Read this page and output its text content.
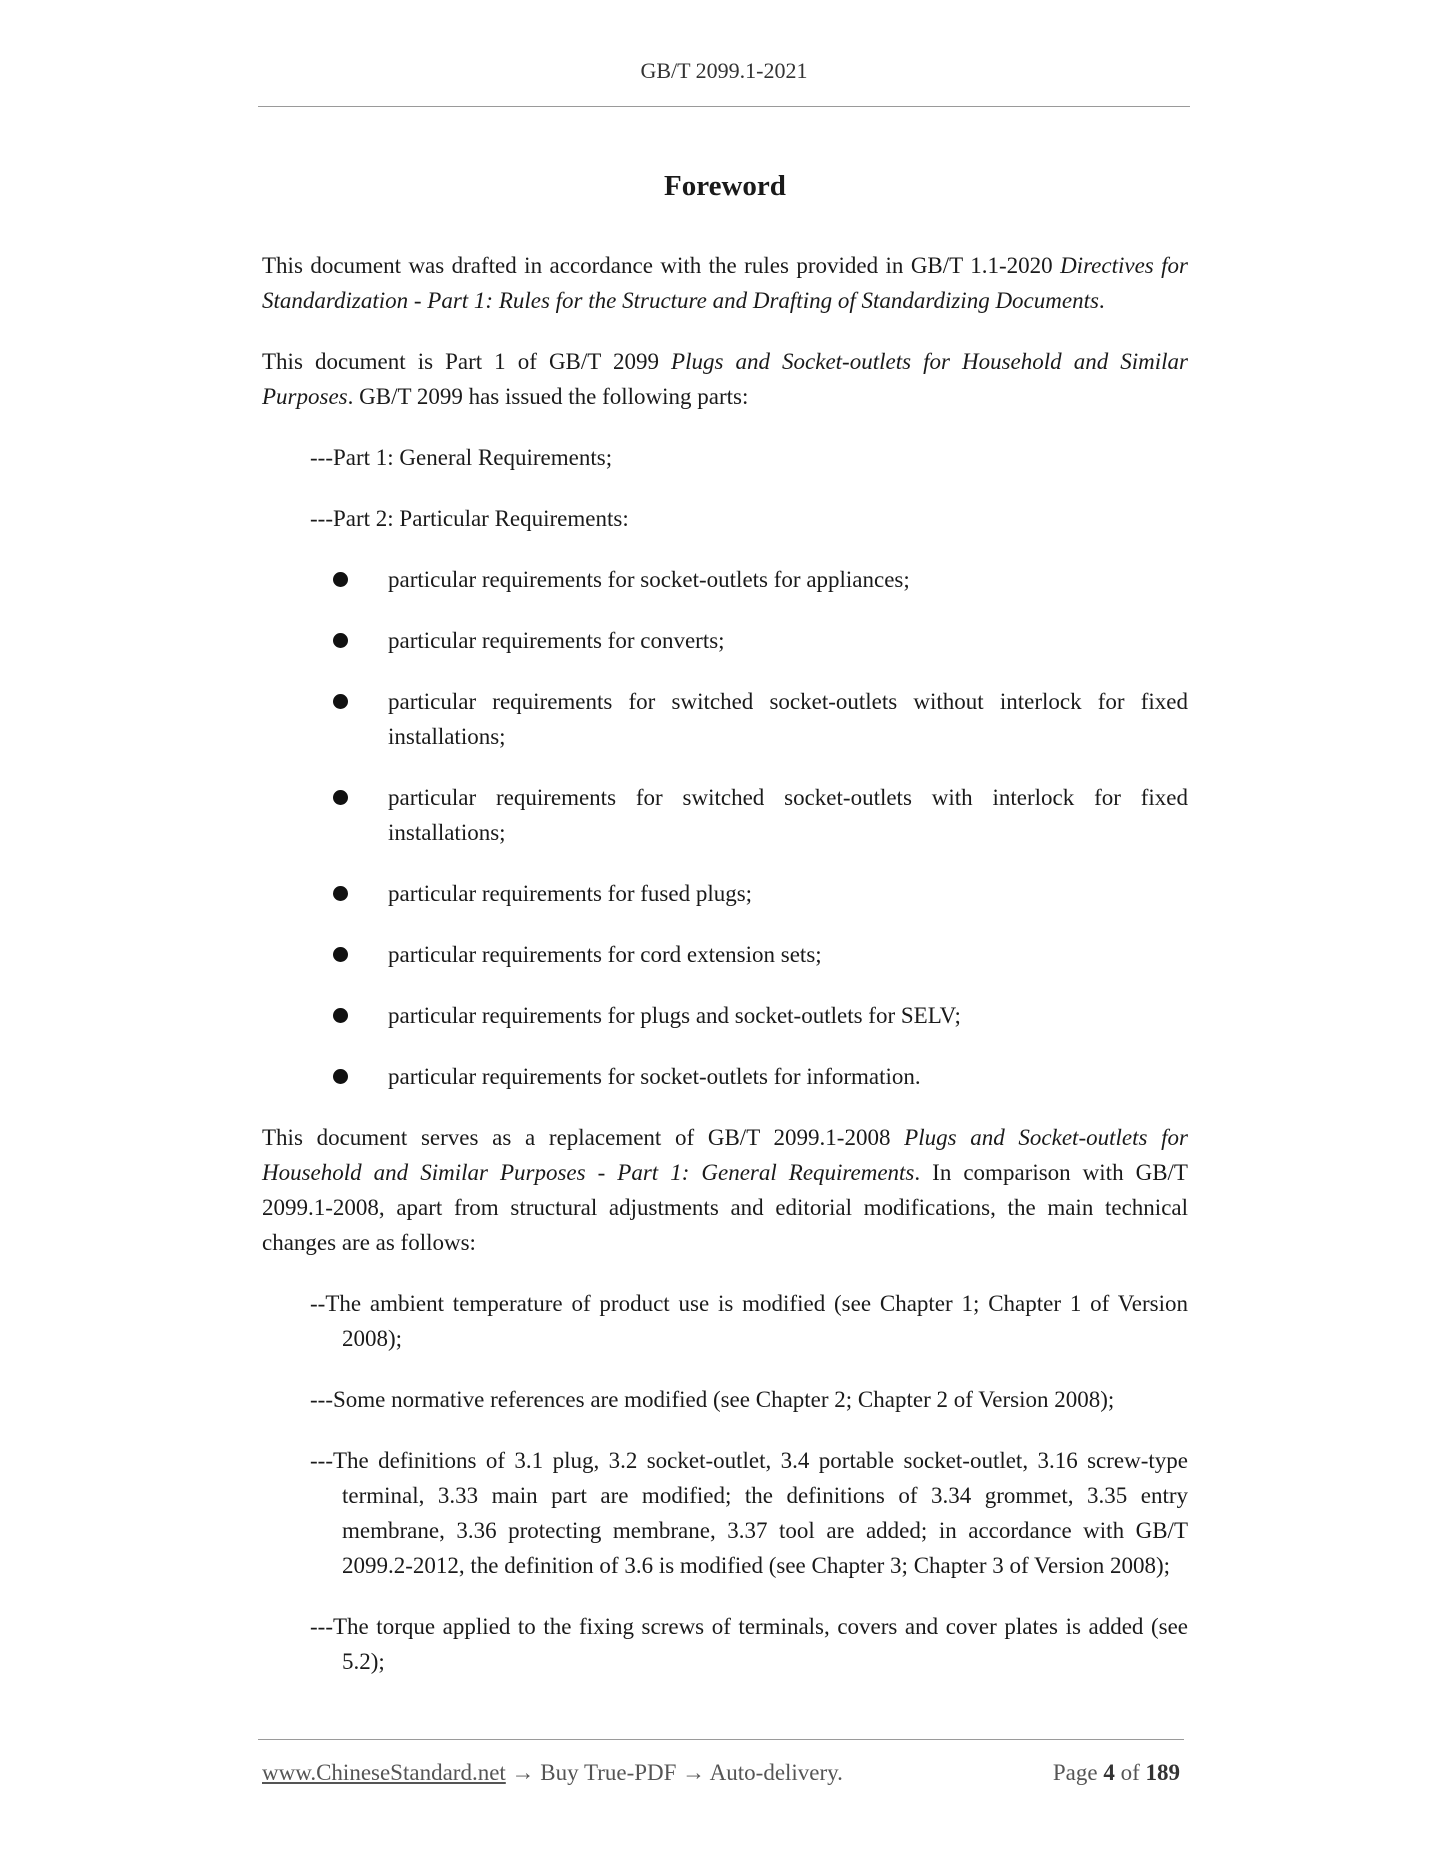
GB/T 2099.1-2021
Foreword

This document was drafted in accordance with the rules provided in GB/T 1.1-2020 Directives for Standardization - Part 1: Rules for the Structure and Drafting of Standardizing Documents.

This document is Part 1 of GB/T 2099 Plugs and Socket-outlets for Household and Similar Purposes. GB/T 2099 has issued the following parts:

---Part 1: General Requirements;

---Part 2: Particular Requirements:

particular requirements for socket-outlets for appliances;
particular requirements for converts;
particular requirements for switched socket-outlets without interlock for fixed installations;
particular requirements for switched socket-outlets with interlock for fixed installations;
particular requirements for fused plugs;
particular requirements for cord extension sets;
particular requirements for plugs and socket-outlets for SELV;
particular requirements for socket-outlets for information.

This document serves as a replacement of GB/T 2099.1-2008 Plugs and Socket-outlets for Household and Similar Purposes - Part 1: General Requirements. In comparison with GB/T 2099.1-2008, apart from structural adjustments and editorial modifications, the main technical changes are as follows:

--The ambient temperature of product use is modified (see Chapter 1; Chapter 1 of Version 2008);

---Some normative references are modified (see Chapter 2; Chapter 2 of Version 2008);

---The definitions of 3.1 plug, 3.2 socket-outlet, 3.4 portable socket-outlet, 3.16 screw-type terminal, 3.33 main part are modified; the definitions of 3.34 grommet, 3.35 entry membrane, 3.36 protecting membrane, 3.37 tool are added; in accordance with GB/T 2099.2-2012, the definition of 3.6 is modified (see Chapter 3; Chapter 3 of Version 2008);

---The torque applied to the fixing screws of terminals, covers and cover plates is added (see 5.2);

www.ChineseStandard.net → Buy True-PDF → Auto-delivery.	Page 4 of 189
